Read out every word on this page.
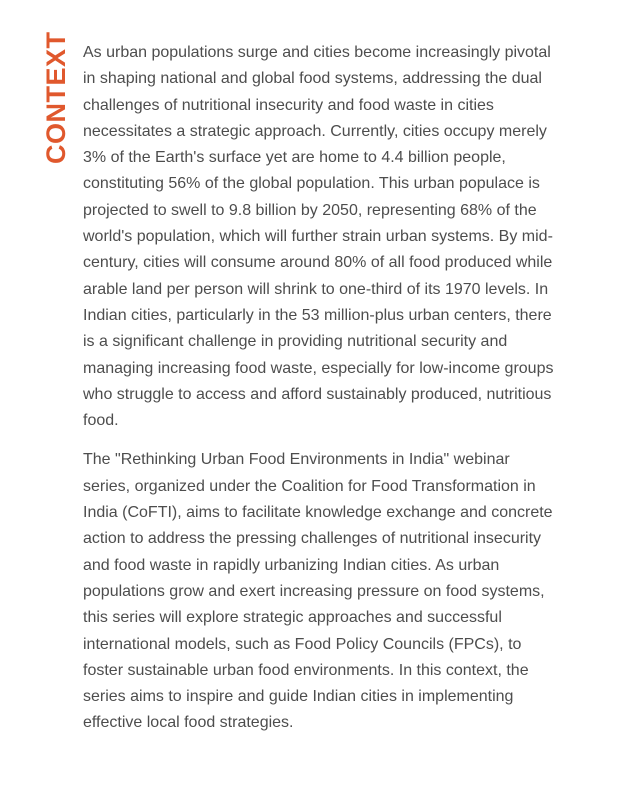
CONTEXT As urban populations surge and cities become increasingly pivotal in shaping national and global food systems, addressing the dual challenges of nutritional insecurity and food waste in cities necessitates a strategic approach. Currently, cities occupy merely 3% of the Earth's surface yet are home to 4.4 billion people, constituting 56% of the global population. This urban populace is projected to swell to 9.8 billion by 2050, representing 68% of the world's population, which will further strain urban systems. By mid-century, cities will consume around 80% of all food produced while arable land per person will shrink to one-third of its 1970 levels. In Indian cities, particularly in the 53 million-plus urban centers, there is a significant challenge in providing nutritional security and managing increasing food waste, especially for low-income groups who struggle to access and afford sustainably produced, nutritious food.

The "Rethinking Urban Food Environments in India" webinar series, organized under the Coalition for Food Transformation in India (CoFTI), aims to facilitate knowledge exchange and concrete action to address the pressing challenges of nutritional insecurity and food waste in rapidly urbanizing Indian cities. As urban populations grow and exert increasing pressure on food systems, this series will explore strategic approaches and successful international models, such as Food Policy Councils (FPCs), to foster sustainable urban food environments. In this context, the series aims to inspire and guide Indian cities in implementing effective local food strategies.
